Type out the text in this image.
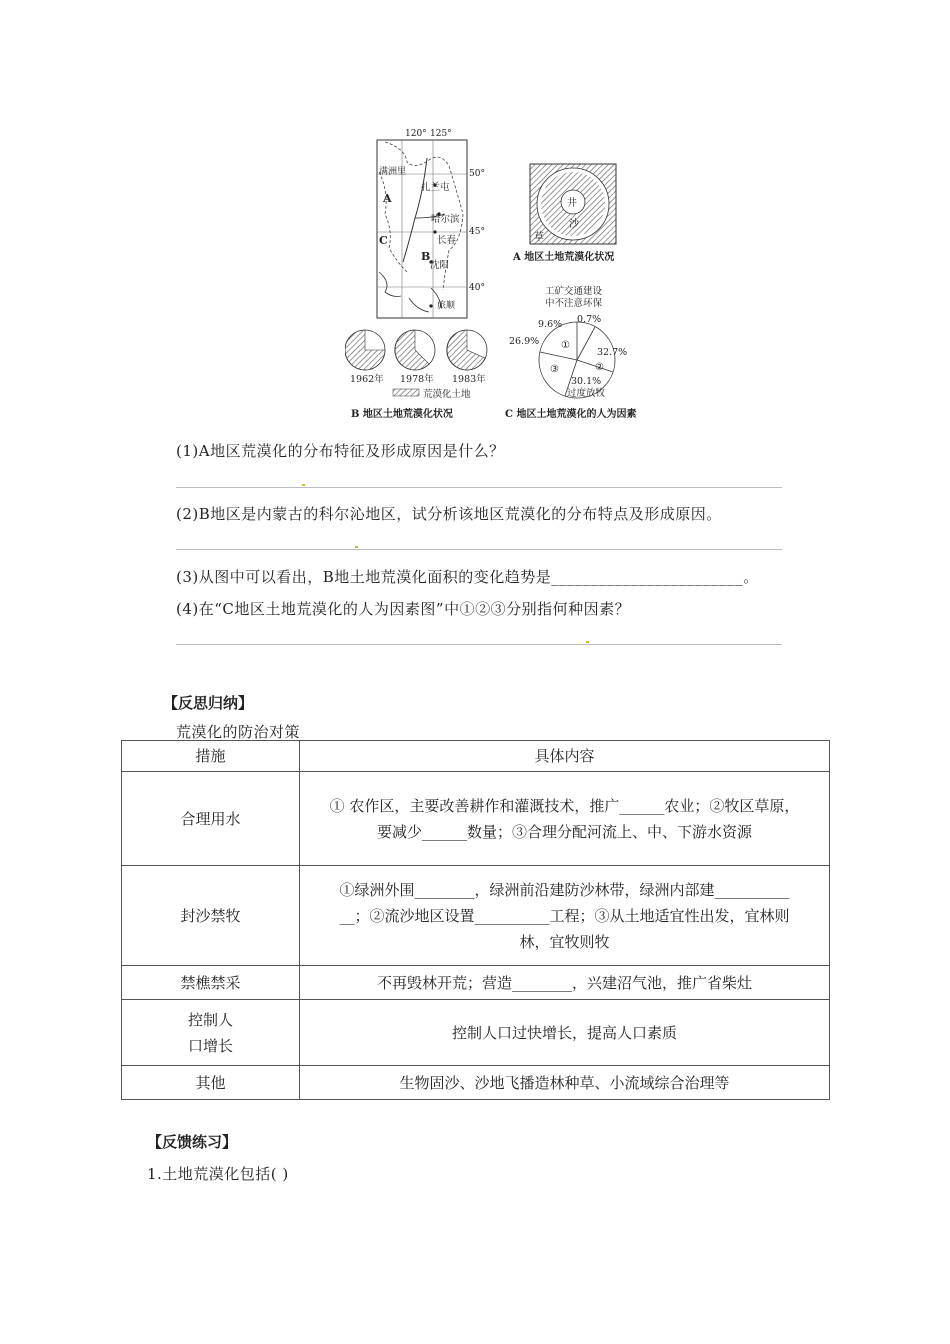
120° 125°
50°
45°
40°
满洲里
扎兰屯
哈尔滨
长春
沈阳
旅顺
A
B
C
井
沙
草
A 地区土地荒漠化状况
1962年 1978年 1983年
荒漠化土地
B 地区土地荒漠化状况
工矿交通建设
中不注意环保
①
②
③
9.6% 0.7%
32.7%
30.1%
26.9%
过度放牧
C 地区土地荒漠化的人为因素
(1)A地区荒漠化的分布特征及形成原因是什么？
(2)B地区是内蒙古的科尔沁地区，试分析该地区荒漠化的分布特点及形成原因。
(3)从图中可以看出，B地土地荒漠化面积的变化趋势是________________________。
(4)在“C地区土地荒漠化的人为因素图”中①②③分别指何种因素？
【反思归纳】
荒漠化的防治对策
措施	具体内容
合理用水	① 农作区，主要改善耕作和灌溉技术，推广______农业；②牧区草原，
要减少______数量；③合理分配河流上、中、下游水资源

封沙禁牧	①绿洲外围________，绿洲前沿建防沙林带，绿洲内部建__________
__；②流沙地区设置__________工程；③从土地适宜性出发，宜林则
林，宜牧则牧

禁樵禁采	不再毁林开荒；营造________，兴建沼气池，推广省柴灶

控制人
口增长	控制人口过快增长，提高人口素质

其他	生物固沙、沙地飞播造林种草、小流域综合治理等
【反馈练习】
1.土地荒漠化包括( )
